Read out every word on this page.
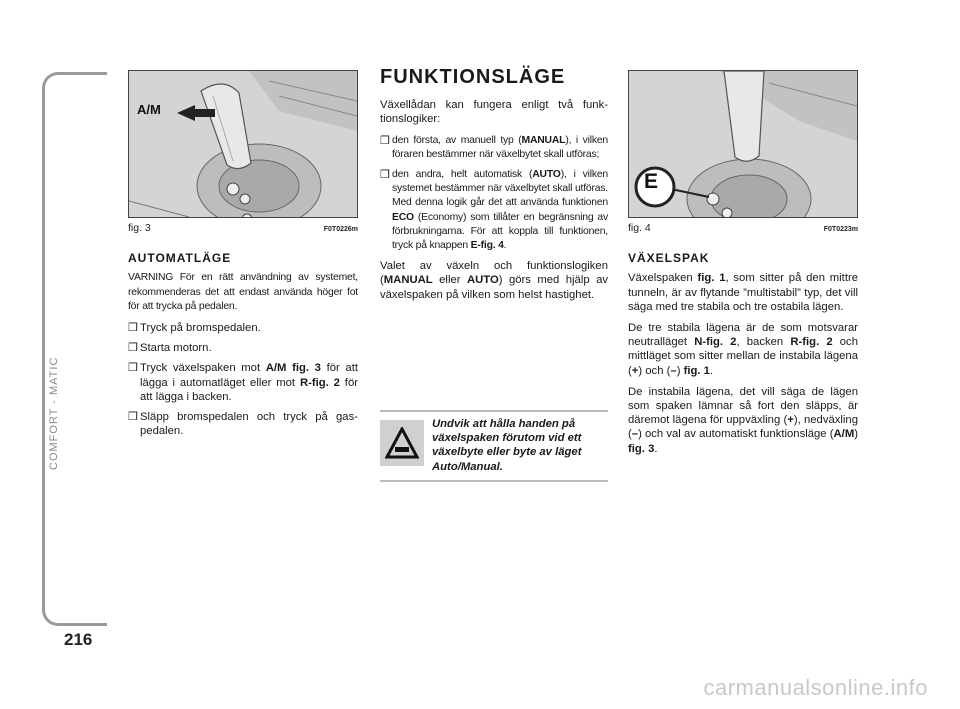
COMFORT - MATIC
216
carmanualsonline.info
A/M
fig. 3	F0T0226m
AUTOMATLÄGE

VARNING För en rätt användning av systemet, rekommenderas det att endast använda höger fot för att trycka på pedalen.

❒ Tryck på bromspedalen.
❒ Starta motorn.
❒ Tryck växelspaken mot A/M fig. 3 för att lägga i automatläget eller mot R-fig. 2 för att lägga i backen.
❒ Släpp bromspedalen och tryck på gaspedalen.
FUNKTIONSLÄGE

Växellådan kan fungera enligt två funktionslogiker:

❒ den första, av manuell typ (MANUAL), i vilken föraren bestämmer när växelbytet skall utföras;
❒ den andra, helt automatisk (AUTO), i vilken systemet bestämmer när växelbytet skall utföras. Med denna logik går det att använda funktionen ECO (Economy) som tillåter en begränsning av förbrukningarna. För att koppla till funktionen, tryck på knappen E-fig. 4.

Valet av växeln och funktionslogiken (MANUAL eller AUTO) görs med hjälp av växelspaken på vilken som helst hastighet.

Undvik att hålla handen på växelspaken förutom vid ett växelbyte eller byte av läget Auto/Manual.
E
fig. 4	F0T0223m
VÄXELSPAK

Växelspaken fig. 1, som sitter på den mittre tunneln, är av flytande ”multistabil” typ, det vill säga med tre stabila och tre ostabila lägen.

De tre stabila lägena är de som motsvarar neutralläget N-fig. 2, backen R-fig. 2 och mittläget som sitter mellan de instabila lägena (+) och (–) fig. 1.

De instabila lägena, det vill säga de lägen som spaken lämnar så fort den släpps, är däremot lägena för uppväxling (+), nedväxling (–) och val av automatiskt funktionsläge (A/M) fig. 3.
